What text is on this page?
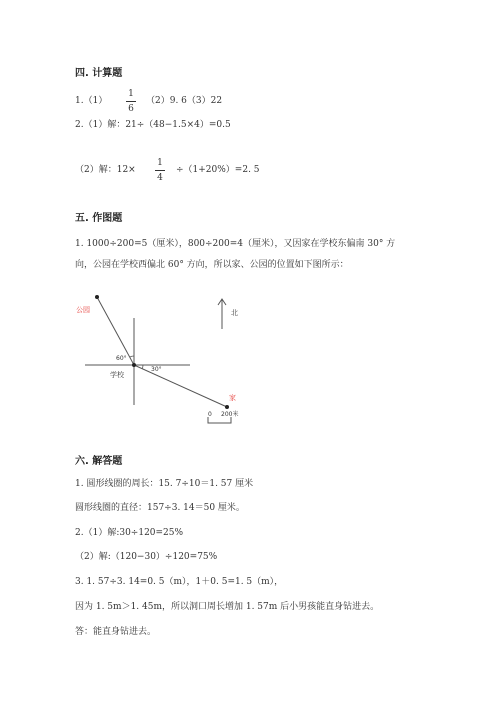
四. 计算题
1.（1）
1
6
（2）9. 6（3）22
2.（1）解：21÷（48−1.5×4）=0.5
（2）解：12×
1
4
÷（1+20%）=2. 5
五. 作图题
1. 1000÷200=5（厘米），800÷200=4（厘米），又因家在学校东偏南 30° 方
向，公园在学校西偏北 60° 方向，所以家、公园的位置如下图所示：
公园
学校
家
60°
30°
北
0 200米
六. 解答题
1. 圆形线圈的周长：15. 7÷10＝1. 57 厘米
圆形线圈的直径：157÷3. 14＝50 厘米。
2.（1）解:30÷120=25%
（2）解:（120−30）÷120=75%
3. 1. 57÷3. 14=0. 5（m），1＋0. 5=1. 5（m），
因为 1. 5m＞1. 45m，所以洞口周长增加 1. 57m 后小男孩能直身钻进去。
答：能直身钻进去。
